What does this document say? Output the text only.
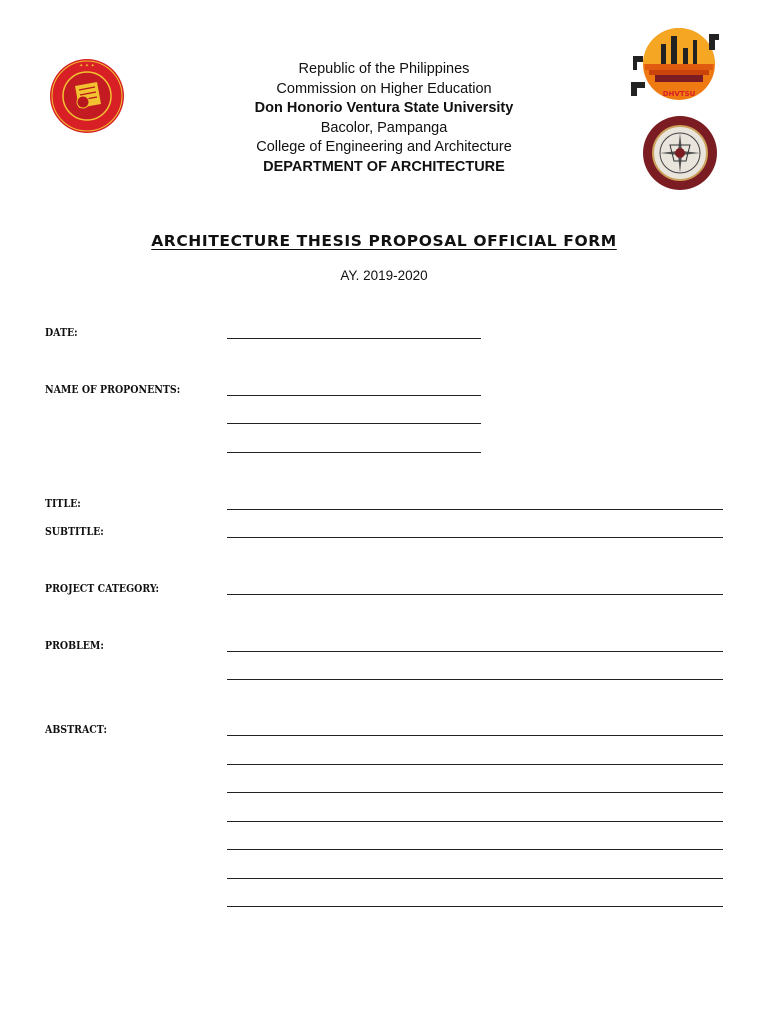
✦ ✦ ✦
DHVTSU
Republic of the Philippines
Commission on Higher Education
Don Honorio Ventura State University
Bacolor, Pampanga
College of Engineering and Architecture
DEPARTMENT OF ARCHITECTURE
ARCHITECTURE THESIS PROPOSAL OFFICIAL FORM
AY. 2019-2020
DATE:
NAME OF PROPONENTS:
TITLE:
SUBTITLE:
PROJECT CATEGORY:
PROBLEM:
ABSTRACT:
